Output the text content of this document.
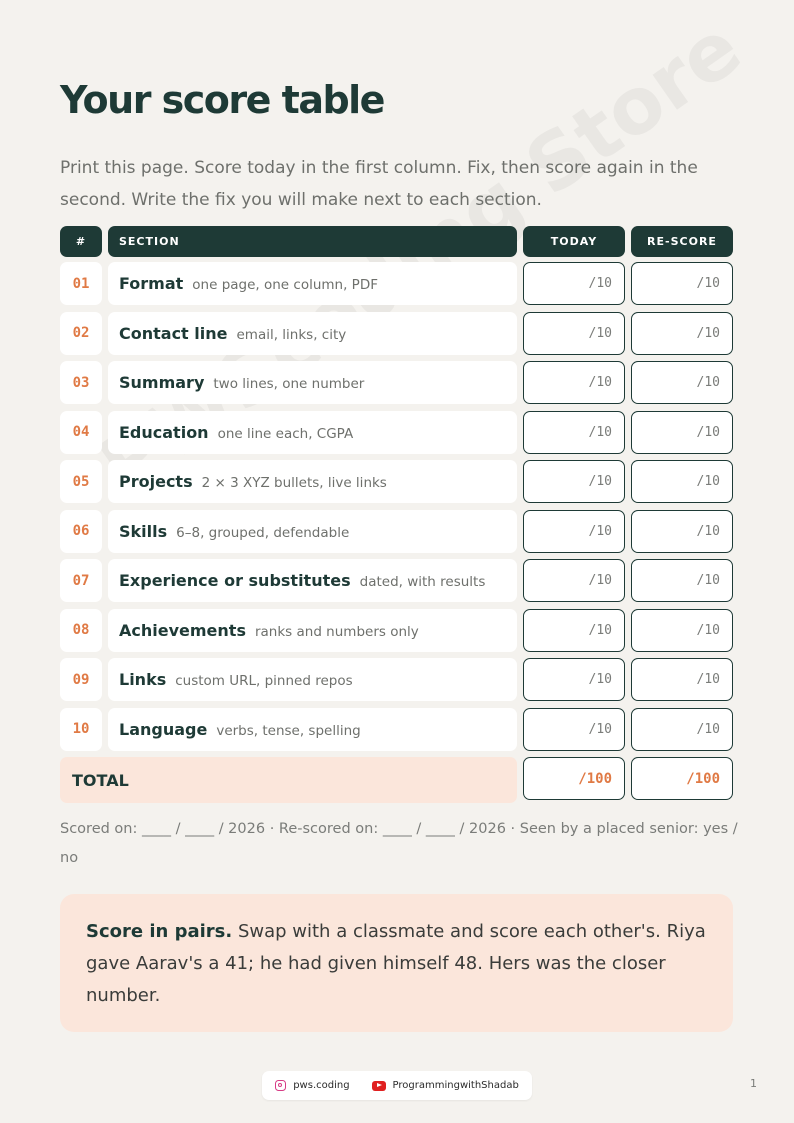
Your score table

Print this page. Score today in the first column. Fix, then score again in the second. Write the fix you will make next to each section.

#	SECTION	TODAY	RE-SCORE
01	Format one page, one column, PDF	/10	/10
02	Contact line email, links, city	/10	/10
03	Summary two lines, one number	/10	/10
04	Education one line each, CGPA	/10	/10
05	Projects 2 × 3 XYZ bullets, live links	/10	/10
06	Skills 6–8, grouped, defendable	/10	/10
07	Experience or substitutes dated, with results	/10	/10
08	Achievements ranks and numbers only	/10	/10
09	Links custom URL, pinned repos	/10	/10
10	Language verbs, tense, spelling	/10	/10
TOTAL	/100	/100

Scored on: ____ / ____ / 2026 · Re-scored on: ____ / ____ / 2026 · Seen by a placed senior: yes / no

Score in pairs. Swap with a classmate and score each other's. Riya gave Aarav's a 41; he had given himself 48. Hers was the closer number.
pws.coding	ProgrammingwithShadab	1
